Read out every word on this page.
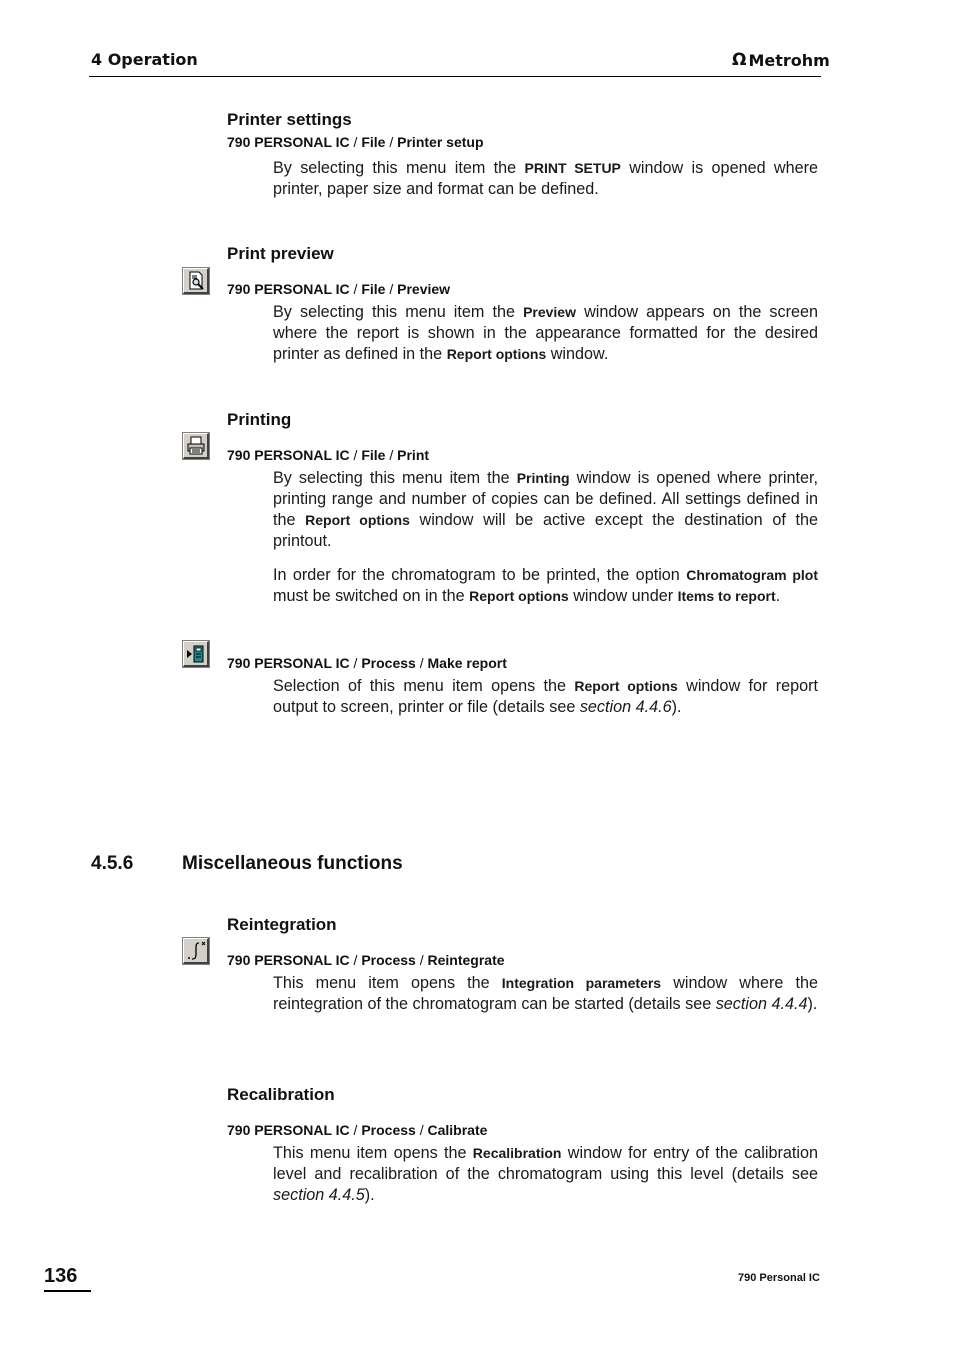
4 Operation	Ω Metrohm
Printer settings
790 PERSONAL IC / File / Printer setup
By selecting this menu item the PRINT SETUP window is opened where printer, paper size and format can be defined.
Print preview
790 PERSONAL IC / File / Preview
By selecting this menu item the Preview window appears on the screen where the report is shown in the appearance formatted for the desired printer as defined in the Report options window.
Printing
790 PERSONAL IC / File / Print
By selecting this menu item the Printing window is opened where printer, printing range and number of copies can be defined. All settings defined in the Report options window will be active except the destination of the printout.
In order for the chromatogram to be printed, the option Chromatogram plot must be switched on in the Report options window under Items to report.
790 PERSONAL IC / Process / Make report
Selection of this menu item opens the Report options window for report output to screen, printer or file (details see section 4.4.6).
4.5.6	Miscellaneous functions
Reintegration
790 PERSONAL IC / Process / Reintegrate
This menu item opens the Integration parameters window where the reintegration of the chromatogram can be started (details see section 4.4.4).
Recalibration
790 PERSONAL IC / Process / Calibrate
This menu item opens the Recalibration window for entry of the calibration level and recalibration of the chromatogram using this level (details see section 4.4.5).
136	790 Personal IC
